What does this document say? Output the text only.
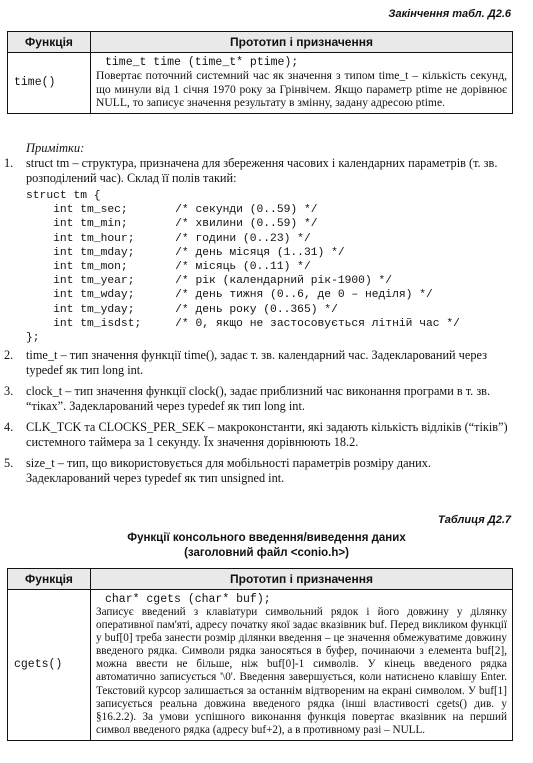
Закінчення табл. Д2.6
Функція	Прототип і призначення
time()	time_t time (time_t* ptime);
Повертає поточний системний час як значення з типом time_t – кількість секунд, що минули від 1 січня 1970 року за Грінвічем. Якщо параметр ptime не дорівнює NULL, то записує значення результату в змінну, задану адресою ptime.
Примітки:
1. struct tm – структура, призначена для збереження часових і календарних параметрів (т. зв. розподілений час). Склад її полів такий:
struct tm {
int tm_sec;       /* секунди (0..59) */
int tm_min;       /* хвилини (0..59) */
int tm_hour;      /* години (0..23) */
int tm_mday;      /* день місяця (1..31) */
int tm_mon;       /* місяць (0..11) */
int tm_year;      /* рік (календарний рік-1900) */
int tm_wday;      /* день тижня (0..6, де 0 – неділя) */
int tm_yday;      /* день року (0..365) */
int tm_isdst;     /* 0, якщо не застосовується літній час */
};
2. time_t – тип значення функції time(), задає т. зв. календарний час. Задекларований через typedef як тип long int.
3. clock_t – тип значення функції clock(), задає приблизний час виконання програми в т. зв. “тіках”. Задекларований через typedef як тип long int.
4. CLK_TCK та CLOCKS_PER_SEK – макроконстанти, які задають кількість відліків (“тіків”) системного таймера за 1 секунду. Їх значення дорівнюють 18.2.
5. size_t – тип, що використовується для мобільності параметрів розміру даних. Задекларований через typedef як тип unsigned int.
Таблиця Д2.7
Функції консольного введення/виведення даних
(заголовний файл <conio.h>)
Функція	Прототип і призначення
cgets()	char* cgets (char* buf);
Записує введений з клавіатури символьний рядок і його довжину у ділянку оперативної пам'яті, адресу початку якої задає вказівник buf. Перед викликом функції у buf[0] треба занести розмір ділянки введення – це значення обмежуватиме довжину введеного рядка. Символи рядка заносяться в буфер, починаючи з елемента buf[2], можна ввести не більше, ніж buf[0]-1 символів. У кінець введеного рядка автоматично записується '\0'. Введення завершується, коли натиснено клавішу Enter. Текстовий курсор залишається за останнім відтвореним на екрані символом. У buf[1] записується реальна довжина введеного рядка (інші властивості cgets() див. у §16.2.2). За умови успішного виконання функція повертає вказівник на перший символ введеного рядка (адресу buf+2), а в противному разі – NULL.
